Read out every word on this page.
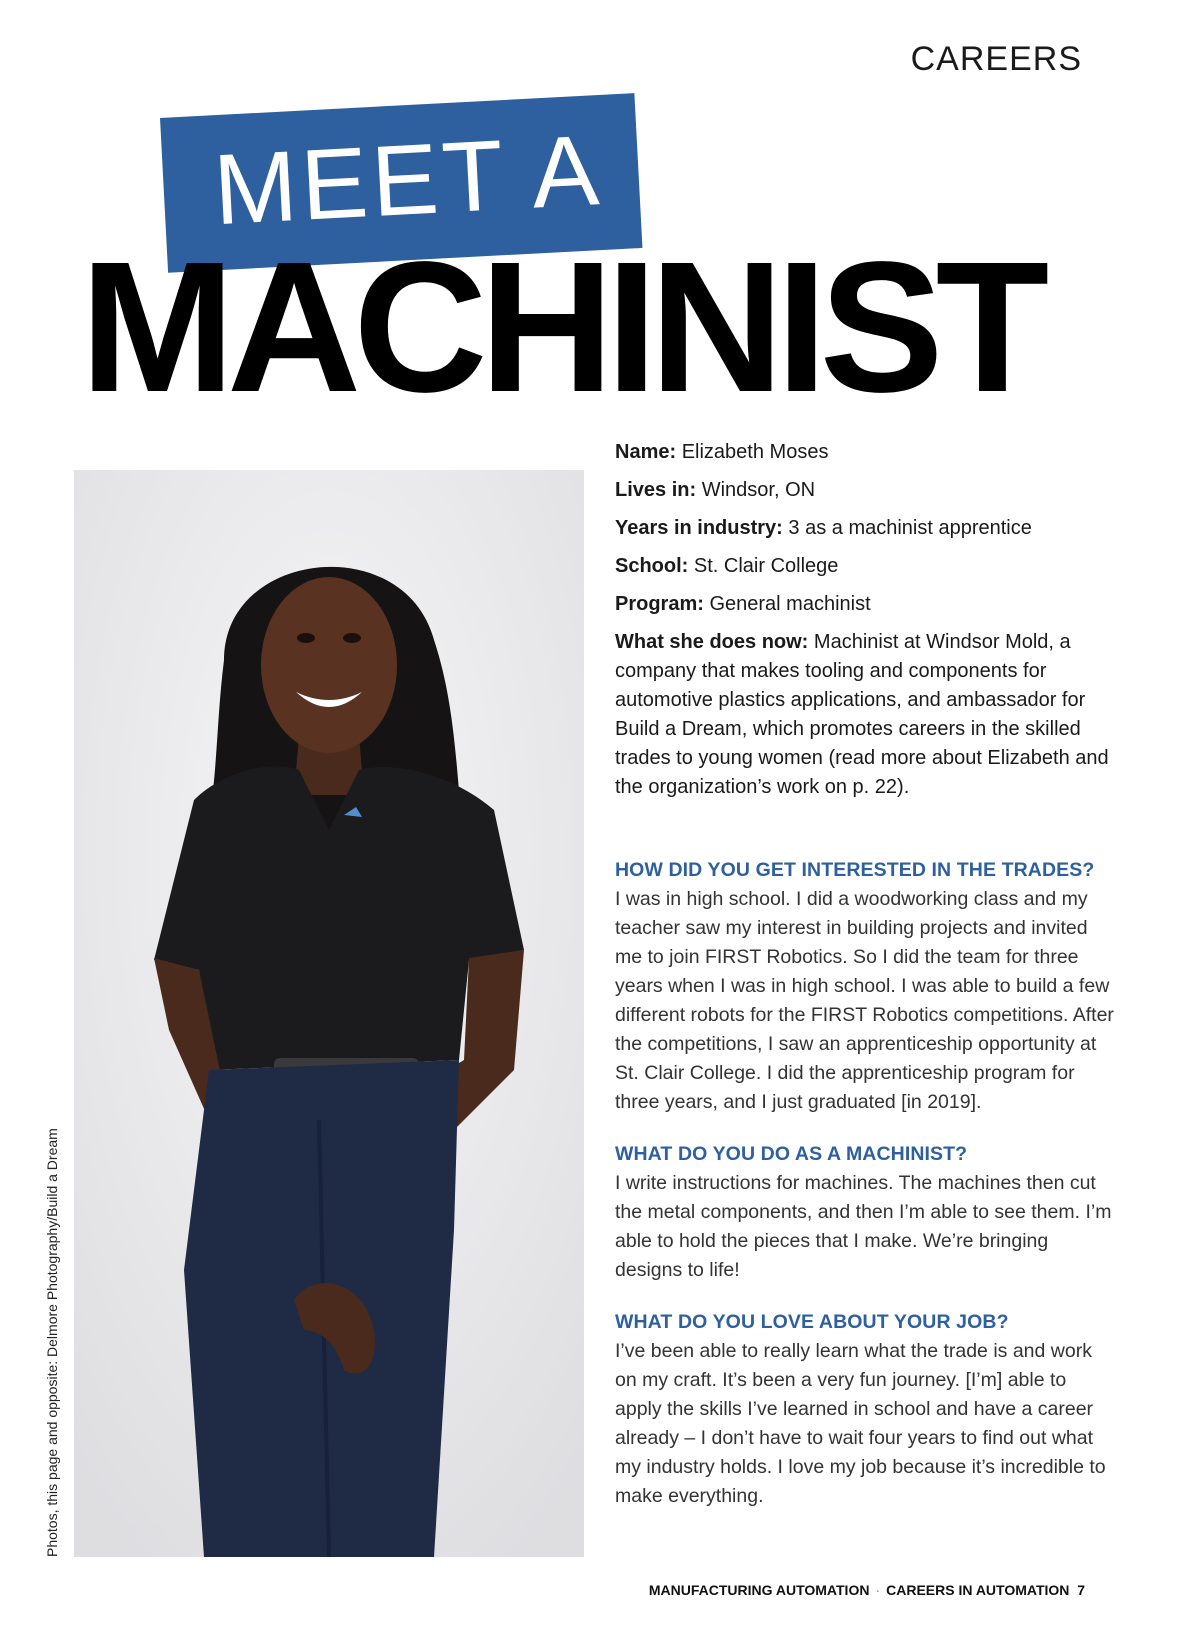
CAREERS
MEET A
MACHINIST
Photos, this page and opposite: Delmore Photography/Build a Dream
Name: Elizabeth Moses
Lives in: Windsor, ON
Years in industry: 3 as a machinist apprentice
School: St. Clair College
Program: General machinist
What she does now: Machinist at Windsor Mold, a company that makes tooling and components for automotive plastics applications, and ambassador for Build a Dream, which promotes careers in the skilled trades to young women (read more about Elizabeth and the organization’s work on p. 22).
HOW DID YOU GET INTERESTED IN THE TRADES?
I was in high school. I did a woodworking class and my teacher saw my interest in building projects and invited me to join FIRST Robotics. So I did the team for three years when I was in high school. I was able to build a few different robots for the FIRST Robotics competitions. After the competitions, I saw an apprenticeship opportunity at St. Clair College. I did the apprenticeship program for three years, and I just graduated [in 2019].
WHAT DO YOU DO AS A MACHINIST?
I write instructions for machines. The machines then cut the metal components, and then I’m able to see them. I’m able to hold the pieces that I make. We’re bringing designs to life!
WHAT DO YOU LOVE ABOUT YOUR JOB?
I’ve been able to really learn what the trade is and work on my craft. It’s been a very fun journey. [I’m] able to apply the skills I’ve learned in school and have a career already – I don’t have to wait four years to find out what my industry holds. I love my job because it’s incredible to make everything.
MANUFACTURING AUTOMATION · CAREERS IN AUTOMATION 7
